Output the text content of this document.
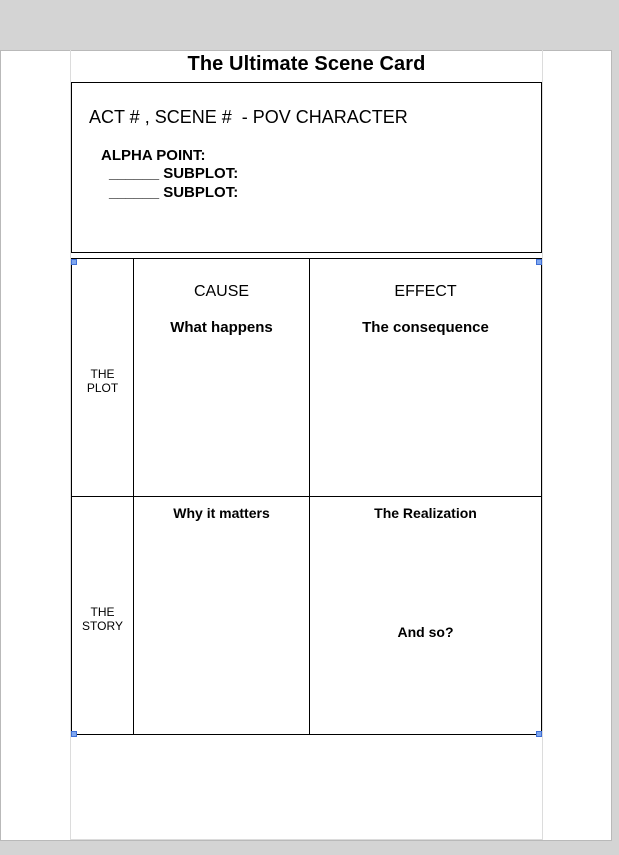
The Ultimate Scene Card
ACT # , SCENE #  - POV CHARACTER
ALPHA POINT:
______ SUBPLOT:
______ SUBPLOT:
THE
PLOT
THE
STORY
CAUSE
What happens
EFFECT
The consequence
Why it matters	The Realization
And so?
